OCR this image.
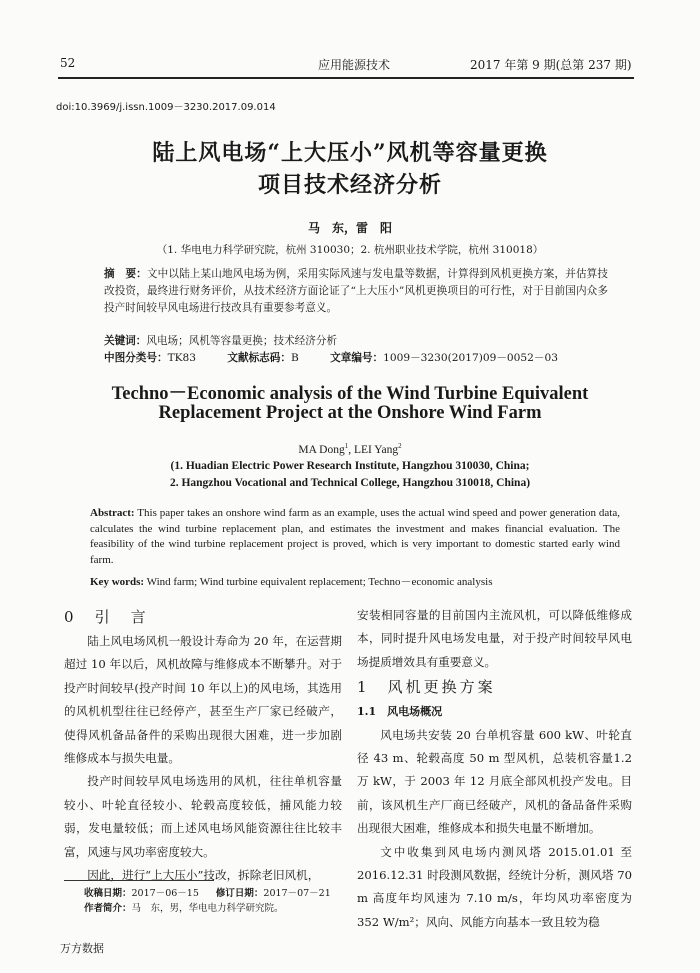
52	应用能源技术	2017 年第 9 期(总第 237 期)
doi:10.3969/j.issn.1009－3230.2017.09.014
陆上风电场“上大压小”风机等容量更换
项目技术经济分析
马　东，雷　阳
（1. 华电电力科学研究院，杭州 310030；2. 杭州职业技术学院，杭州 310018）
摘　要：文中以陆上某山地风电场为例，采用实际风速与发电量等数据，计算得到风机更换方案，并估算技改投资，最终进行财务评价，从技术经济方面论证了“上大压小”风机更换项目的可行性，对于目前国内众多投产时间较早风电场进行技改具有重要参考意义。
关键词：风电场；风机等容量更换；技术经济分析
中图分类号：TK83	文献标志码：B	文章编号：1009－3230(2017)09－0052－03
Techno－Economic analysis of the Wind Turbine Equivalent
Replacement Project at the Onshore Wind Farm
MA Dong$^1$, LEI Yang$^2$
(1. Huadian Electric Power Research Institute, Hangzhou 310030, China;
2. Hangzhou Vocational and Technical College, Hangzhou 310018, China)
Abstract: This paper takes an onshore wind farm as an example, uses the actual wind speed and power generation data, calculates the wind turbine replacement plan, and estimates the investment and makes financial evaluation. The feasibility of the wind turbine replacement project is proved, which is very important to domestic started early wind farm.
Key words: Wind farm; Wind turbine equivalent replacement; Techno－economic analysis

0　 引　言

陆上风电场风机一般设计寿命为 20 年，在运营期超过 10 年以后，风机故障与维修成本不断攀升。对于投产时间较早(投产时间 10 年以上)的风电场，其选用的风机机型往往已经停产，甚至生产厂家已经破产，使得风机备品备件的采购出现很大困难，进一步加剧维修成本与损失电量。

投产时间较早风电场选用的风机，往往单机容量较小、叶轮直径较小、轮毂高度较低，捕风能力较弱，发电量较低；而上述风电场风能资源往往比较丰富，风速与风功率密度较大。

因此，进行“上大压小”技改，拆除老旧风机，

收稿日期：2017－06－15 修订日期：2017－07－21
作者简介：马　东，男，华电电力科学研究院。

安装相同容量的目前国内主流风机，可以降低维修成本，同时提升风电场发电量，对于投产时间较早风电场提质增效具有重要意义。

1　 风机更换方案

1.1　 风电场概况

风电场共安装 20 台单机容量 600 kW、叶轮直径 43 m、轮毂高度 50 m 型风机，总装机容量1.2 万 kW，于 2003 年 12 月底全部风机投产发电。目前，该风机生产厂商已经破产，风机的备品备件采购出现很大困难，维修成本和损失电量不断增加。

文中收集到风电场内测风塔 2015.01.01 至 2016.12.31 时段测风数据，经统计分析，测风塔 70 m 高度年均风速为 7.10 m/s，年均风功率密度为 352 W/m²；风向、风能方向基本一致且较为稳

万方数据
